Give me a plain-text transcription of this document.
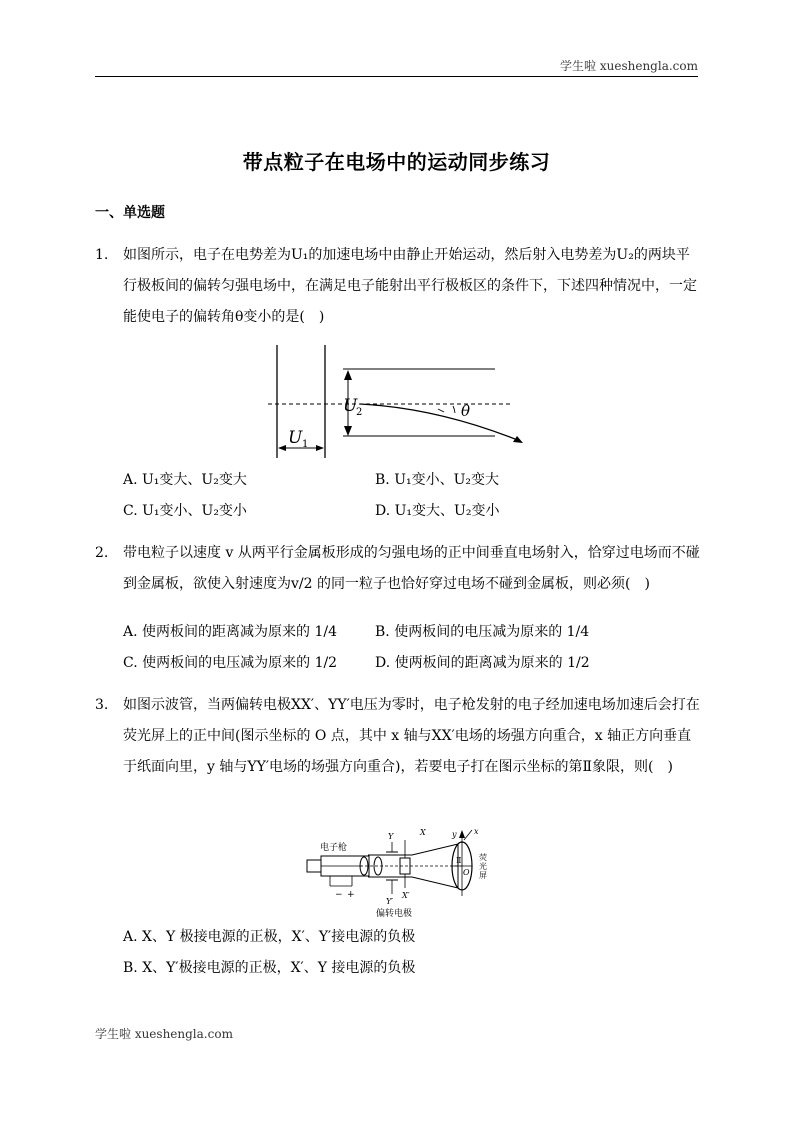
学生啦 xueshengla.com
带点粒子在电场中的运动同步练习
一、单选题
1. 如图所示，电子在电势差为U₁的加速电场中由静止开始运动，然后射入电势差为U₂的两块平行极板间的偏转匀强电场中，在满足电子能射出平行极板区的条件下，下述四种情况中，一定能使电子的偏转角θ变小的是(　)
U 1
U
2	θ
A. U₁变大、U₂变大	B. U₁变小、U₂变大
C. U₁变小、U₂变小	D. U₁变大、U₂变小
2. 带电粒子以速度 v 从两平行金属板形成的匀强电场的正中间垂直电场射入，恰穿过电场而不碰到金属板，欲使入射速度为v/2 的同一粒子也恰好穿过电场不碰到金属板，则必须(　)
A. 使两板间的距离减为原来的 1/4	B. 使两板间的电压减为原来的 1/4
C. 使两板间的电压减为原来的 1/2	D. 使两板间的距离减为原来的 1/2
3. 如图示波管，当两偏转电极XX′、YY′电压为零时，电子枪发射的电子经加速电场加速后会打在荧光屏上的正中间(图示坐标的 O 点，其中 x 轴与XX′电场的场强方向重合，x 轴正方向垂直于纸面向里，y 轴与YY′电场的场强方向重合)，若要电子打在图示坐标的第Ⅱ象限，则(　)
电子枪
Y	X	y x
Ⅱ
O
荧
光
屏
Y′
X′
− +
偏转电极
A. X、Y 极接电源的正极，X′、Y′接电源的负极
B. X、Y′极接电源的正极，X′、Y 接电源的负极
学生啦 xueshengla.com
